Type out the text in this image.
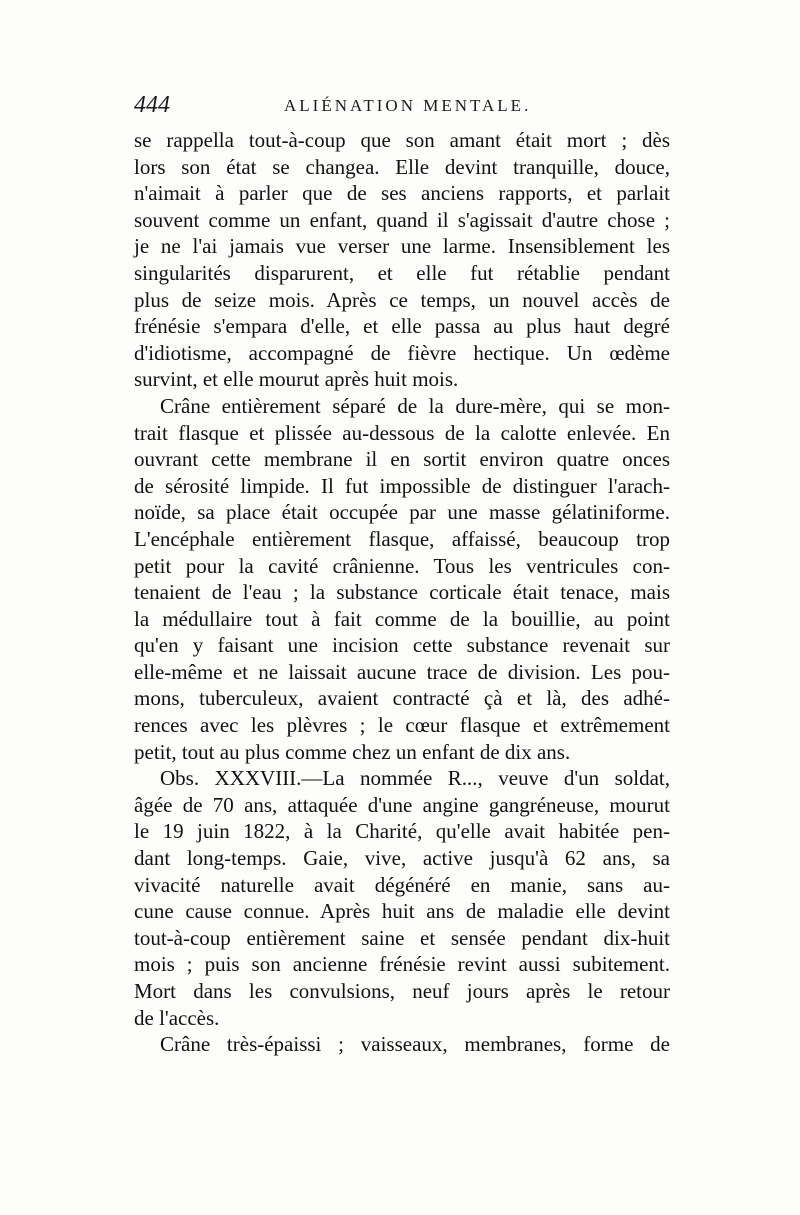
444	ALIÉNATION MENTALE.
se rappella tout-à-coup que son amant était mort ; dès
lors son état se changea. Elle devint tranquille, douce,
n'aimait à parler que de ses anciens rapports, et parlait
souvent comme un enfant, quand il s'agissait d'autre chose ;
je ne l'ai jamais vue verser une larme. Insensiblement les
singularités disparurent, et elle fut rétablie pendant
plus de seize mois. Après ce temps, un nouvel accès de
frénésie s'empara d'elle, et elle passa au plus haut degré
d'idiotisme, accompagné de fièvre hectique. Un œdème
survint, et elle mourut après huit mois.
Crâne entièrement séparé de la dure-mère, qui se mon-
trait flasque et plissée au-dessous de la calotte enlevée. En
ouvrant cette membrane il en sortit environ quatre onces
de sérosité limpide. Il fut impossible de distinguer l'arach-
noïde, sa place était occupée par une masse gélatiniforme.
L'encéphale entièrement flasque, affaissé, beaucoup trop
petit pour la cavité crânienne. Tous les ventricules con-
tenaient de l'eau ; la substance corticale était tenace, mais
la médullaire tout à fait comme de la bouillie, au point
qu'en y faisant une incision cette substance revenait sur
elle-même et ne laissait aucune trace de division. Les pou-
mons, tuberculeux, avaient contracté çà et là, des adhé-
rences avec les plèvres ; le cœur flasque et extrêmement
petit, tout au plus comme chez un enfant de dix ans.
Obs. XXXVIII.—La nommée R..., veuve d'un soldat,
âgée de 70 ans, attaquée d'une angine gangréneuse, mourut
le 19 juin 1822, à la Charité, qu'elle avait habitée pen-
dant long-temps. Gaie, vive, active jusqu'à 62 ans, sa
vivacité naturelle avait dégénéré en manie, sans au-
cune cause connue. Après huit ans de maladie elle devint
tout-à-coup entièrement saine et sensée pendant dix-huit
mois ; puis son ancienne frénésie revint aussi subitement.
Mort dans les convulsions, neuf jours après le retour
de l'accès.
Crâne très-épaissi ; vaisseaux, membranes, forme de
